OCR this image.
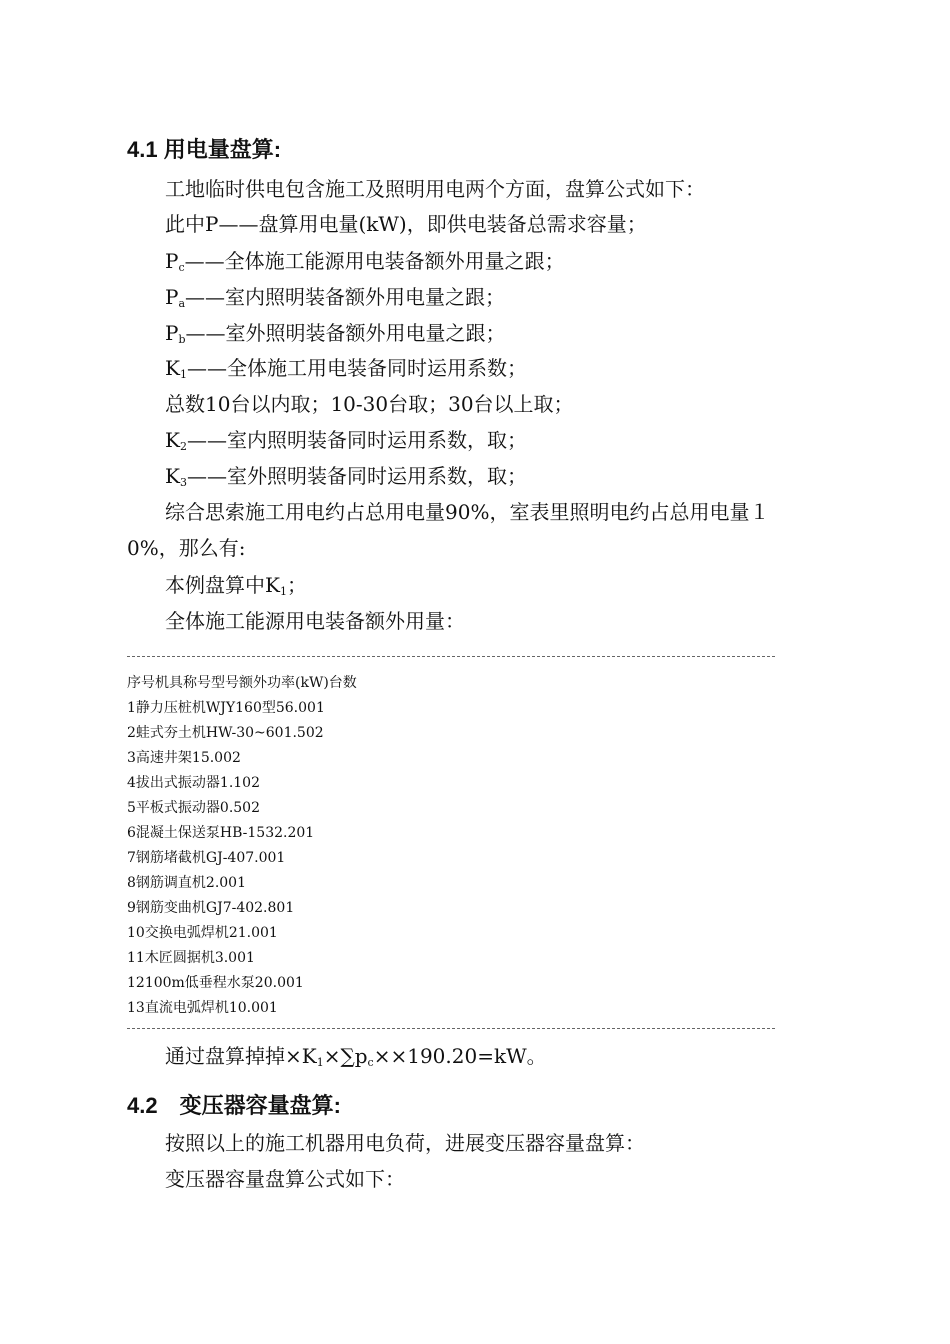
4.1 用电量盘算:
工地临时供电包含施工及照明用电两个方面，盘算公式如下：
此中P——盘算用电量(kW)，即供电装备总需求容量；
$P_c——$全体施工能源用电装备额外用量之跟；
$P_a——$室内照明装备额外用电量之跟；
$P_b——$室外照明装备额外用电量之跟；
$K_1——$全体施工用电装备同时运用系数；
总数10台以内取；10-30台取；30台以上取；
$K_2——$室内照明装备同时运用系数，取；
$K_3——$室外照明装备同时运用系数，取；
综合思索施工用电约占总用电量90%，室表里照明电约占总用电量１
0%，那么有:
本例盘算中$K_1$；
全体施工能源用电装备额外用量：
序号机具称号型号额外功率(kW)台数
1静力压桩机WJY160型56.001
2蛙式夯土机HW-30~601.502
3高速井架15.002
4拔出式振动器1.102
5平板式振动器0.502
6混凝土保送泵HB-1532.201
7钢筋堵截机GJ-407.001
8钢筋调直机2.001
9钢筋变曲机GJ7-402.801
10交换电弧焊机21.001
11木匠圆据机3.001
12100m低垂程水泵20.001
13直流电弧焊机10.001
通过盘算掉掉$\times K_1\times\sum p_c\times\times 190.20=kW$。
4.2　变压器容量盘算:
按照以上的施工机器用电负荷，进展变压器容量盘算：
变压器容量盘算公式如下：
